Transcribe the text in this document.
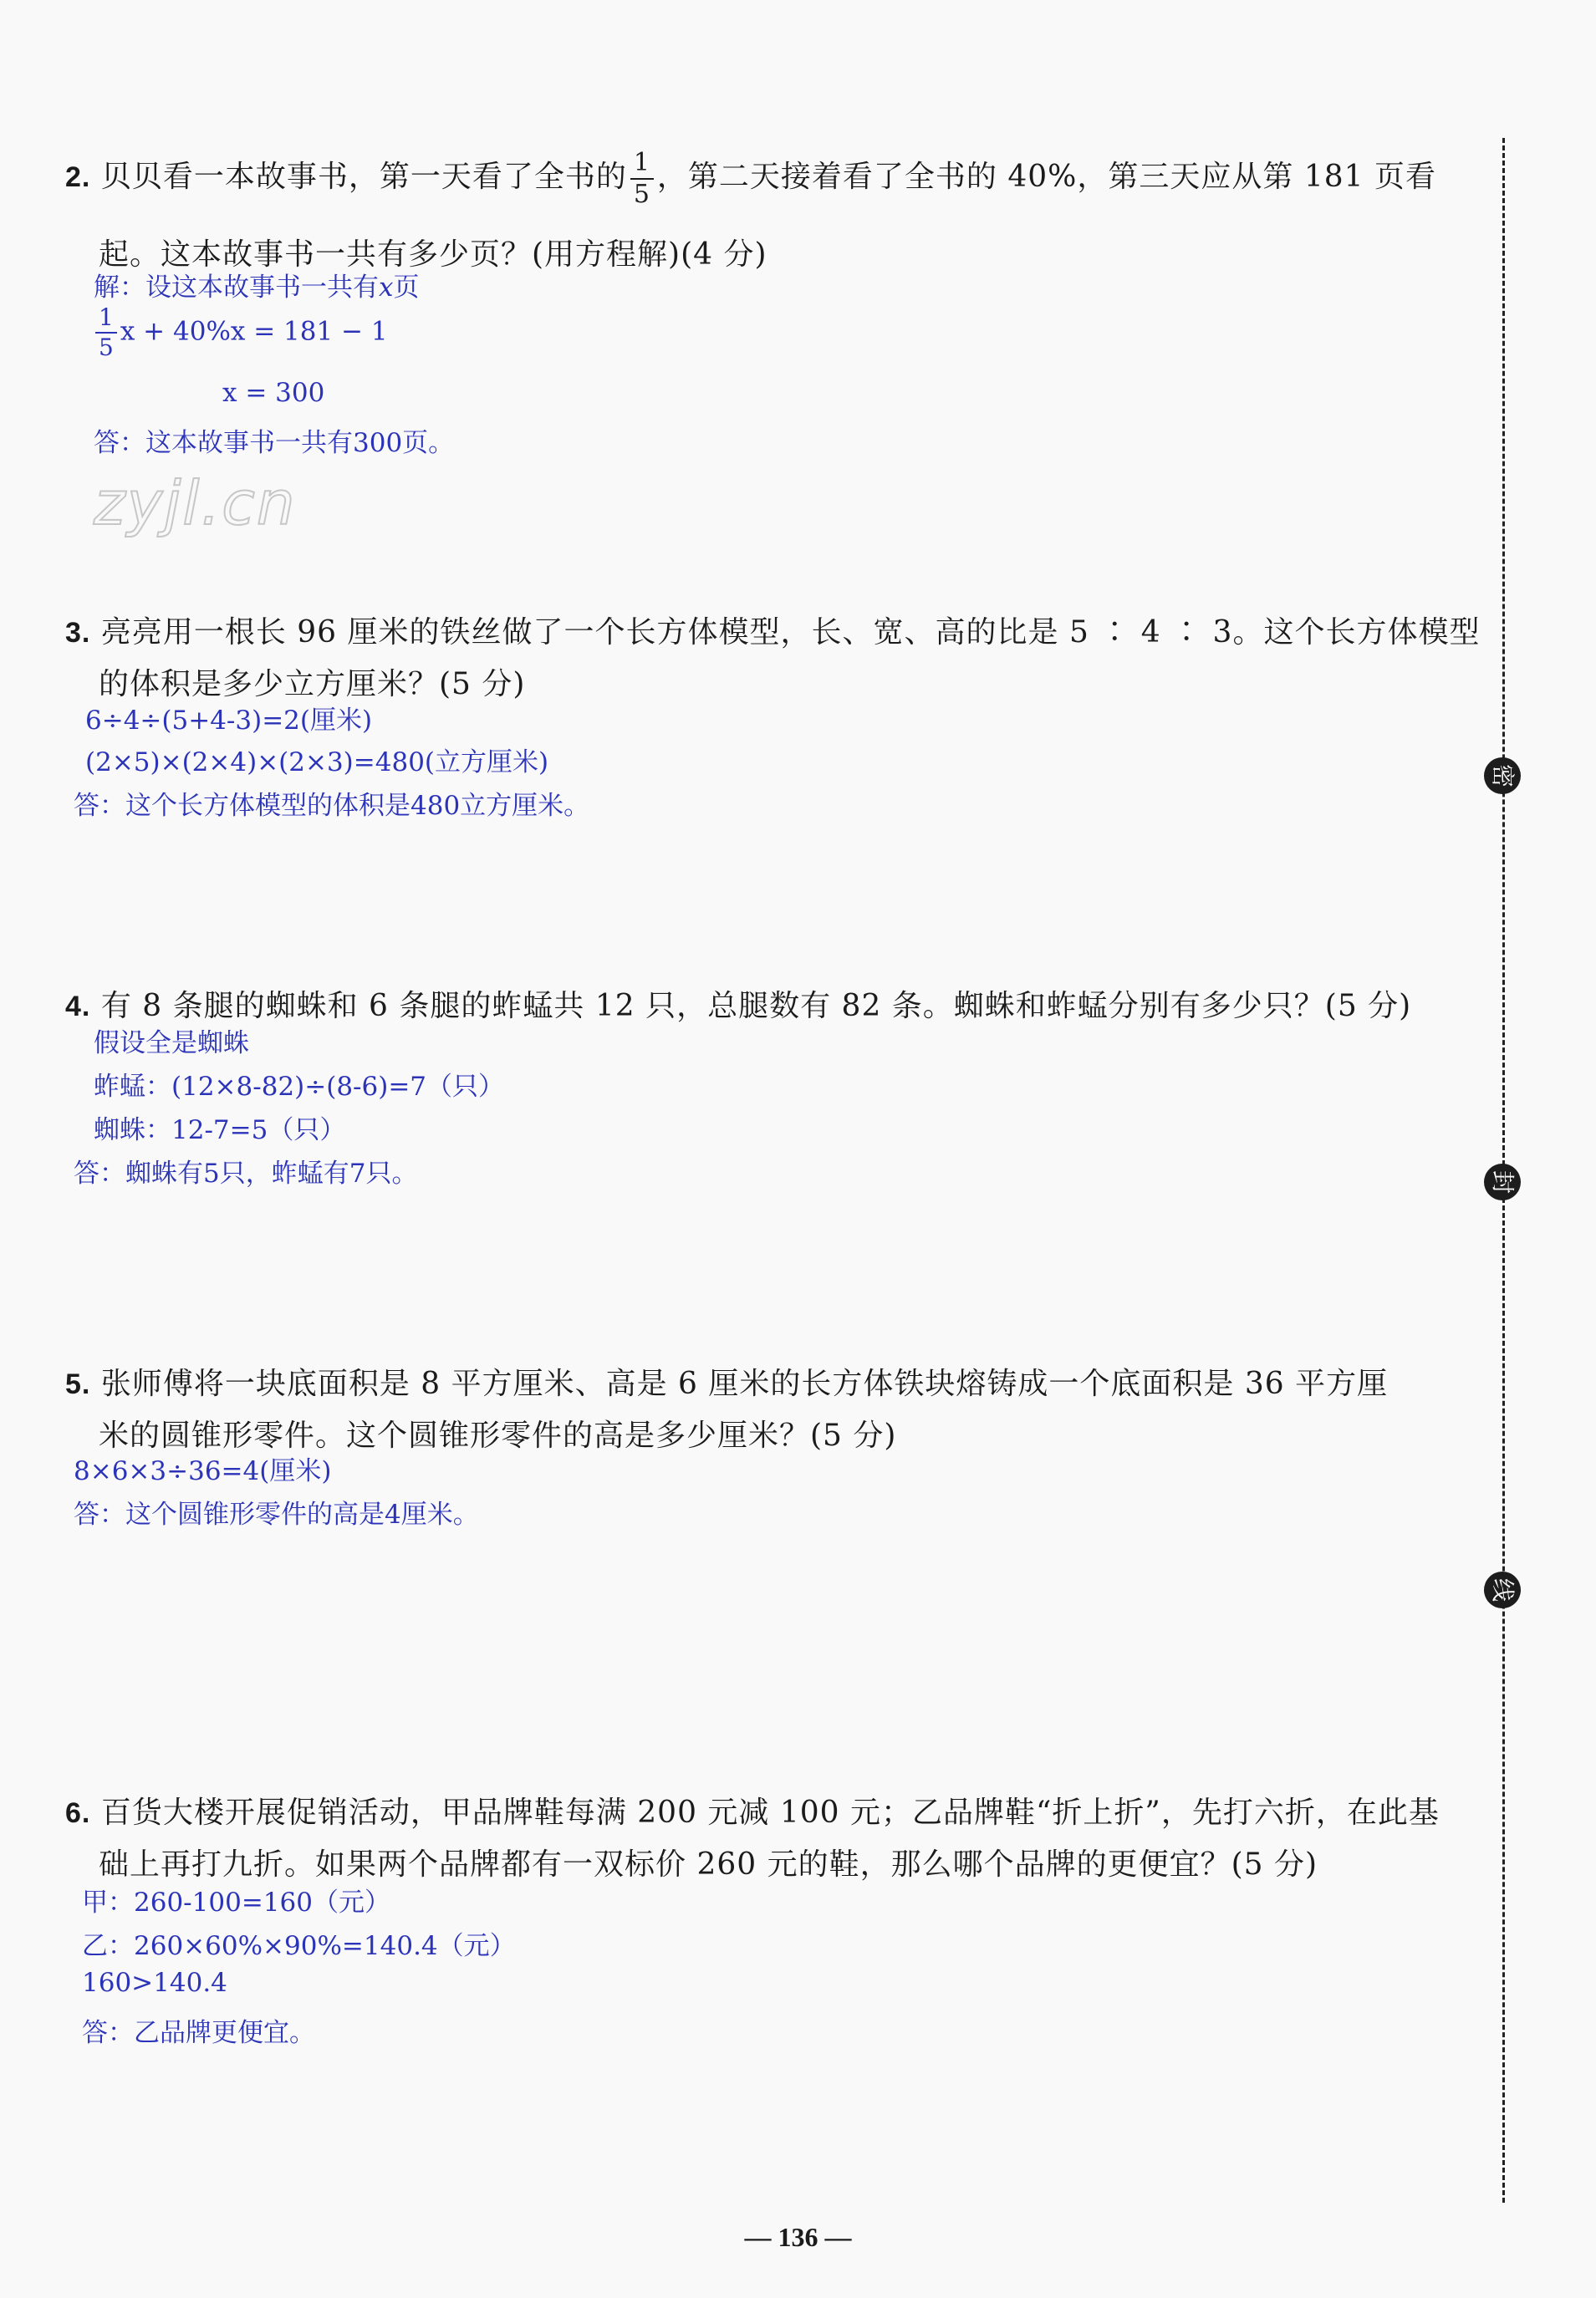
2. 贝贝看一本故事书，第一天看了全书的 $\frac{1}{5}$ ，第二天接着看了全书的 40%，第三天应从第 181 页看
起。这本故事书一共有多少页？(用方程解)(4 分)
解：设这本故事书一共有x页
$\frac{1}{5}$ x + 40%x = 181 − 1
x = 300
答：这本故事书一共有300页。
zyjl.cn
3. 亮亮用一根长 96 厘米的铁丝做了一个长方体模型，长、宽、高的比是 5 ∶ 4 ∶ 3。这个长方体模型
的体积是多少立方厘米？(5 分)
6÷4÷(5+4-3)=2(厘米)
(2×5)×(2×4)×(2×3)=480(立方厘米)
答：这个长方体模型的体积是480立方厘米。
4. 有 8 条腿的蜘蛛和 6 条腿的蚱蜢共 12 只，总腿数有 82 条。蜘蛛和蚱蜢分别有多少只？(5 分)
假设全是蜘蛛
蚱蜢：(12×8-82)÷(8-6)=7（只）
蜘蛛：12-7=5（只）
答：蜘蛛有5只，蚱蜢有7只。
5. 张师傅将一块底面积是 8 平方厘米、高是 6 厘米的长方体铁块熔铸成一个底面积是 36 平方厘
米的圆锥形零件。这个圆锥形零件的高是多少厘米？(5 分)
8×6×3÷36=4(厘米)
答：这个圆锥形零件的高是4厘米。
6. 百货大楼开展促销活动，甲品牌鞋每满 200 元减 100 元；乙品牌鞋“折上折”，先打六折，在此基
础上再打九折。如果两个品牌都有一双标价 260 元的鞋，那么哪个品牌的更便宜？(5 分)
甲：260-100=160（元）
乙：260×60%×90%=140.4（元）
160>140.4
答：乙品牌更便宜。
密
封
线
— 136 —
